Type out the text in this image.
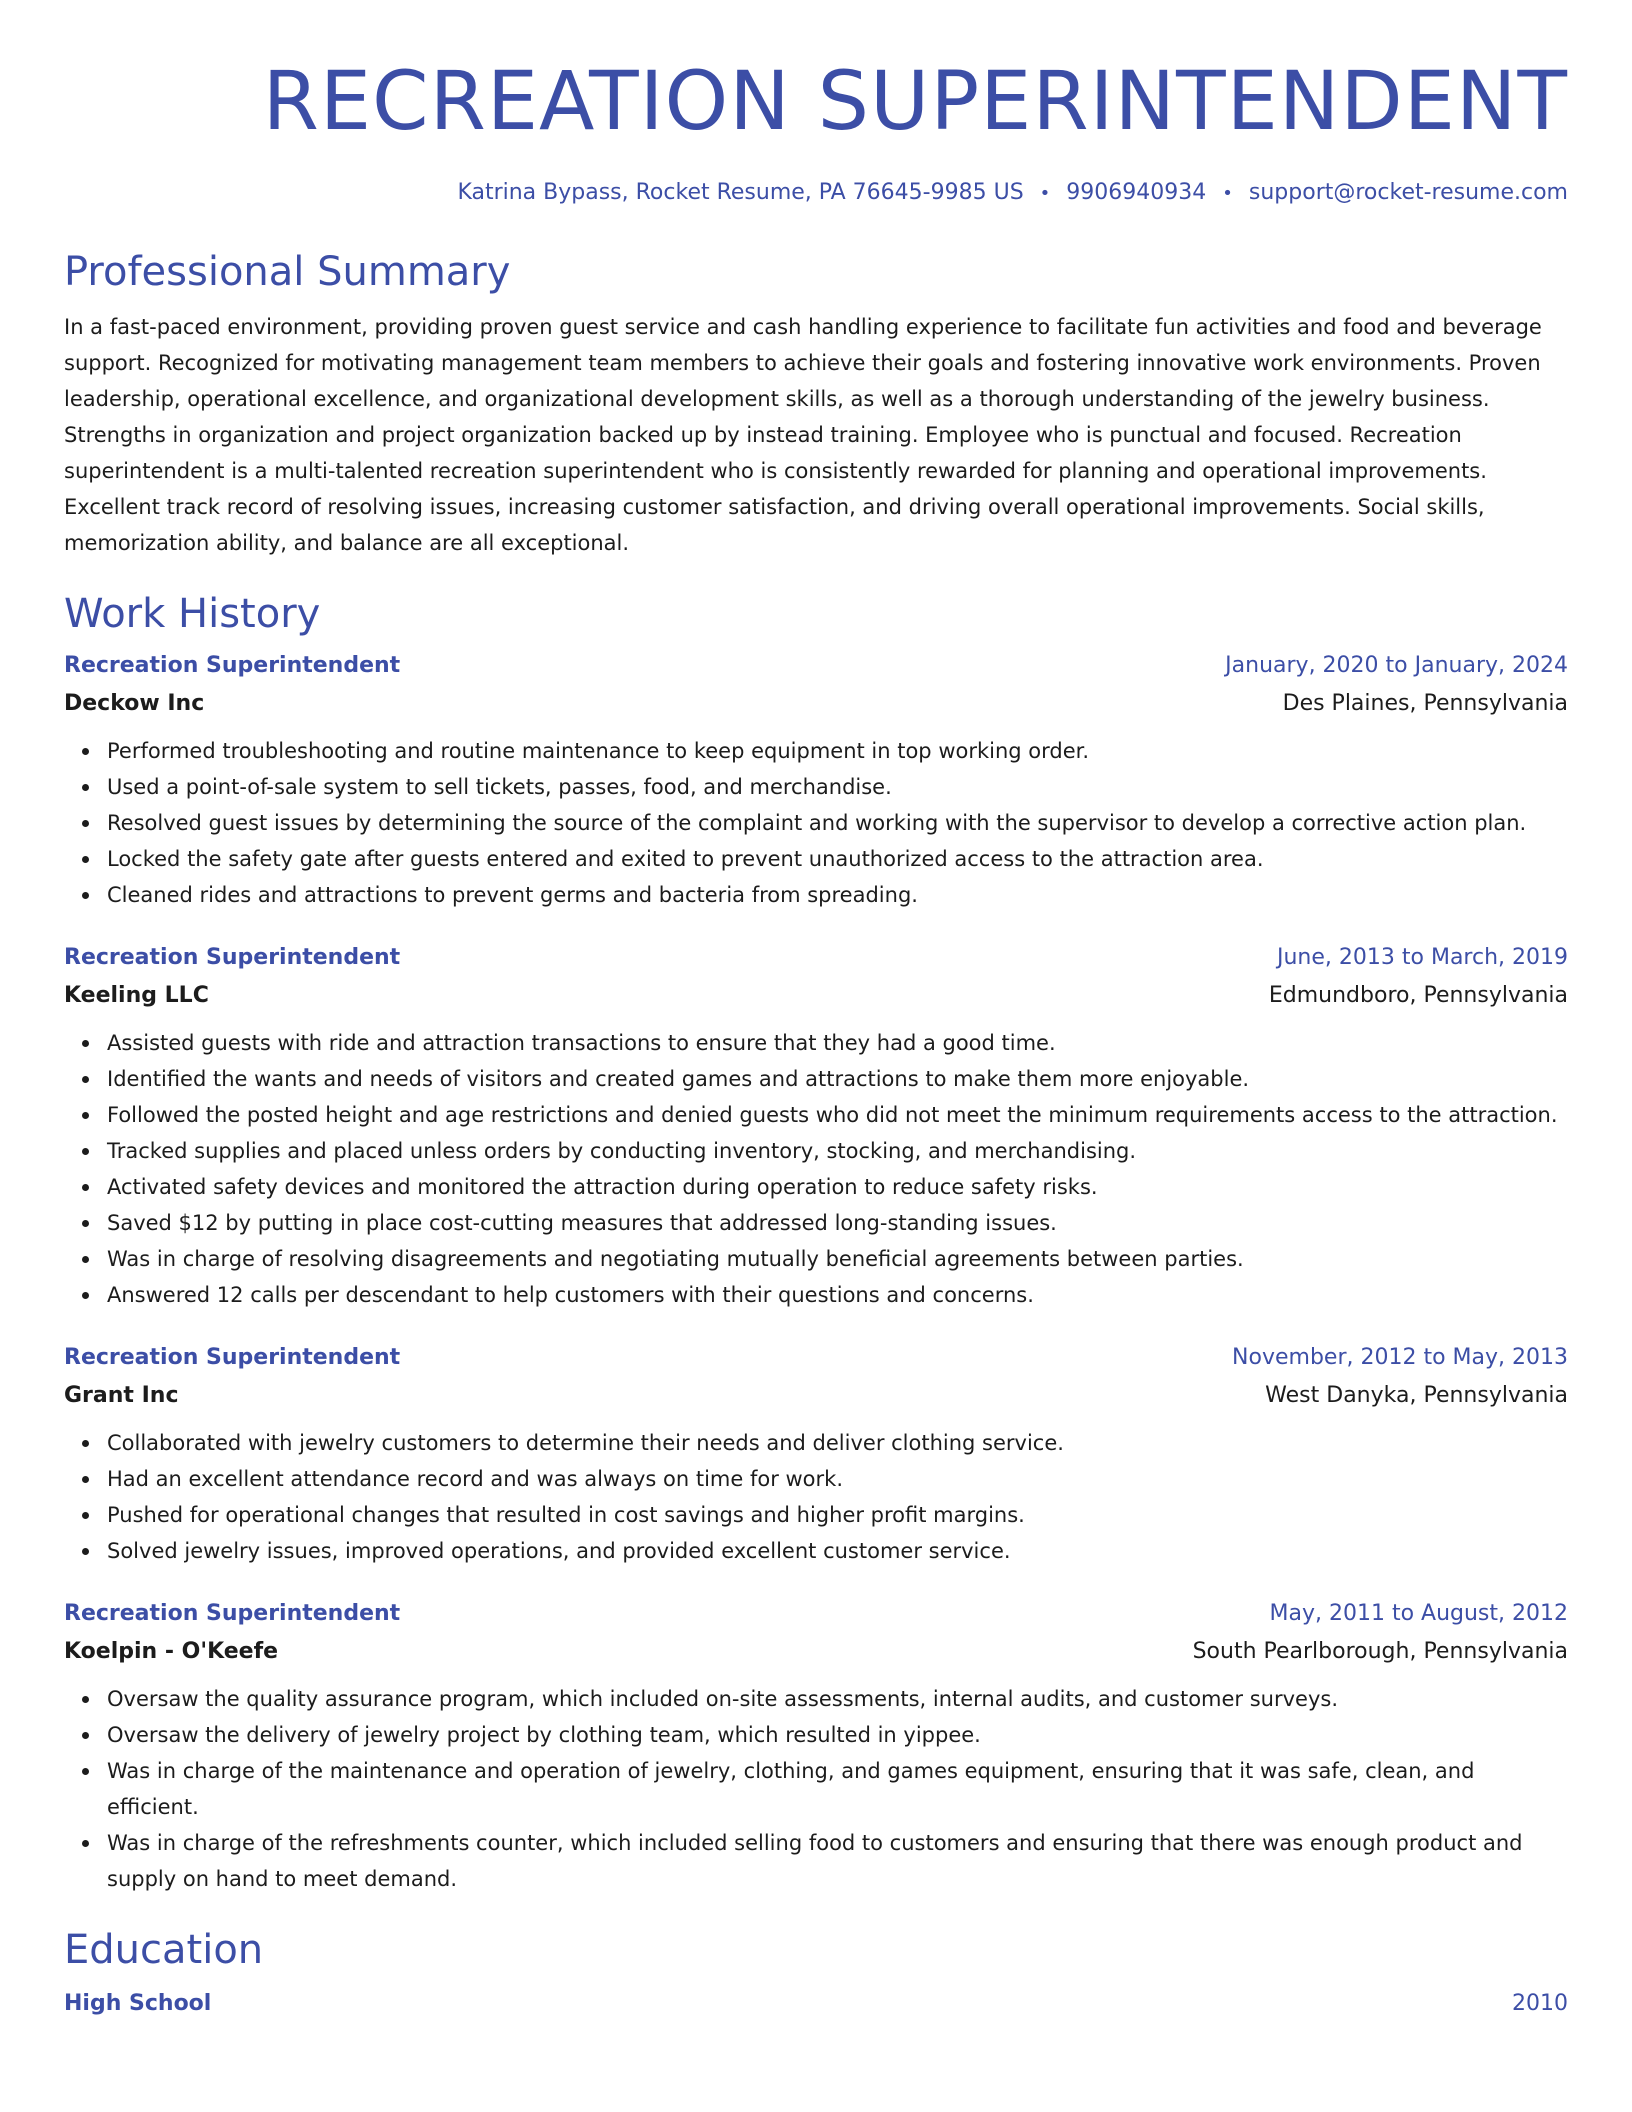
RECREATION SUPERINTENDENT
Katrina Bypass, Rocket Resume, PA 76645-9985 US • 9906940934 • support@rocket-resume.com
Professional Summary

In a fast-paced environment, providing proven guest service and cash handling experience to facilitate fun activities and food and beverage support. Recognized for motivating management team members to achieve their goals and fostering innovative work environments. Proven leadership, operational excellence, and organizational development skills, as well as a thorough understanding of the jewelry business. Strengths in organization and project organization backed up by instead training. Employee who is punctual and focused. Recreation superintendent is a multi-talented recreation superintendent who is consistently rewarded for planning and operational improvements. Excellent track record of resolving issues, increasing customer satisfaction, and driving overall operational improvements. Social skills, memorization ability, and balance are all exceptional.

Work History
Recreation Superintendent	January, 2020 to January, 2024
Deckow Inc	Des Plaines, Pennsylvania
Performed troubleshooting and routine maintenance to keep equipment in top working order.
Used a point-of-sale system to sell tickets, passes, food, and merchandise.
Resolved guest issues by determining the source of the complaint and working with the supervisor to develop a corrective action plan.
Locked the safety gate after guests entered and exited to prevent unauthorized access to the attraction area.
Cleaned rides and attractions to prevent germs and bacteria from spreading.
Recreation Superintendent	June, 2013 to March, 2019
Keeling LLC	Edmundboro, Pennsylvania
Assisted guests with ride and attraction transactions to ensure that they had a good time.
Identified the wants and needs of visitors and created games and attractions to make them more enjoyable.
Followed the posted height and age restrictions and denied guests who did not meet the minimum requirements access to the attraction.
Tracked supplies and placed unless orders by conducting inventory, stocking, and merchandising.
Activated safety devices and monitored the attraction during operation to reduce safety risks.
Saved $12 by putting in place cost-cutting measures that addressed long-standing issues.
Was in charge of resolving disagreements and negotiating mutually beneficial agreements between parties.
Answered 12 calls per descendant to help customers with their questions and concerns.
Recreation Superintendent	November, 2012 to May, 2013
Grant Inc	West Danyka, Pennsylvania
Collaborated with jewelry customers to determine their needs and deliver clothing service.
Had an excellent attendance record and was always on time for work.
Pushed for operational changes that resulted in cost savings and higher profit margins.
Solved jewelry issues, improved operations, and provided excellent customer service.
Recreation Superintendent	May, 2011 to August, 2012
Koelpin - O'Keefe	South Pearlborough, Pennsylvania
Oversaw the quality assurance program, which included on-site assessments, internal audits, and customer surveys.
Oversaw the delivery of jewelry project by clothing team, which resulted in yippee.
Was in charge of the maintenance and operation of jewelry, clothing, and games equipment, ensuring that it was safe, clean, and efficient.
Was in charge of the refreshments counter, which included selling food to customers and ensuring that there was enough product and supply on hand to meet demand.
Education
High School	2010
